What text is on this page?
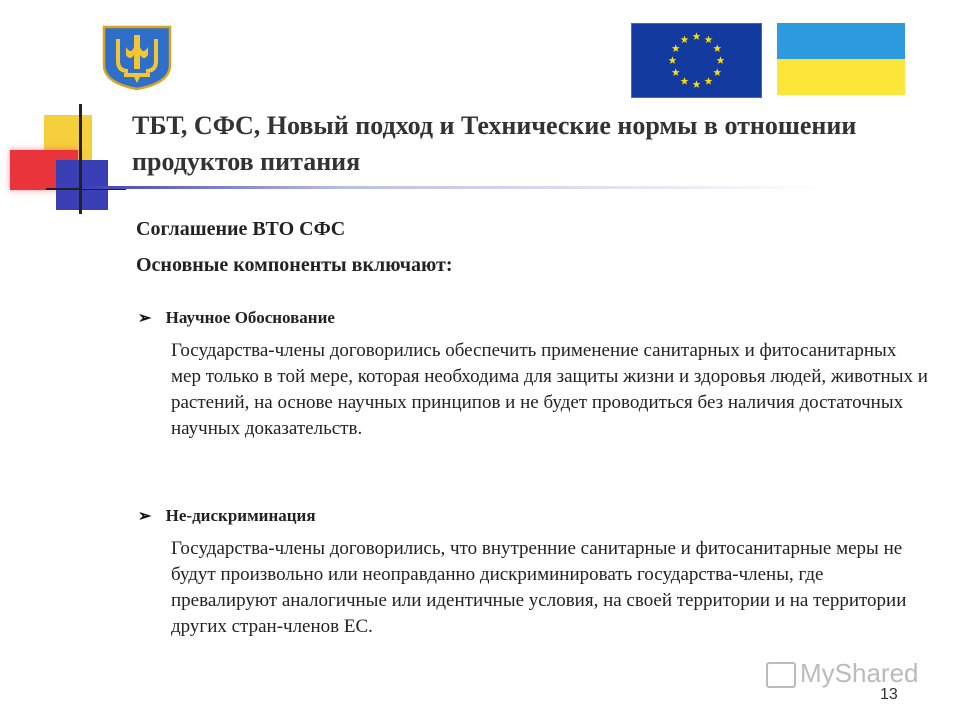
ТБТ, СФС, Новый подход и Технические нормы в отношении продуктов питания
Соглашение ВТО СФС
Основные компоненты включают:
➢ Научное Обоснование
Государства-члены договорились обеспечить применение санитарных и фитосанитарных мер только в той мере, которая необходима для защиты жизни и здоровья людей, животных и растений, на основе научных принципов и не будет проводиться без наличия достаточных научных доказательств.
➢ Не-дискриминация
Государства-члены договорились, что внутренние санитарные и фитосанитарные меры не будут произвольно или неоправданно дискриминировать государства-члены, где превалируют аналогичные или идентичные условия, на своей территории и на территории других стран-членов ЕС.
MyShared
13
